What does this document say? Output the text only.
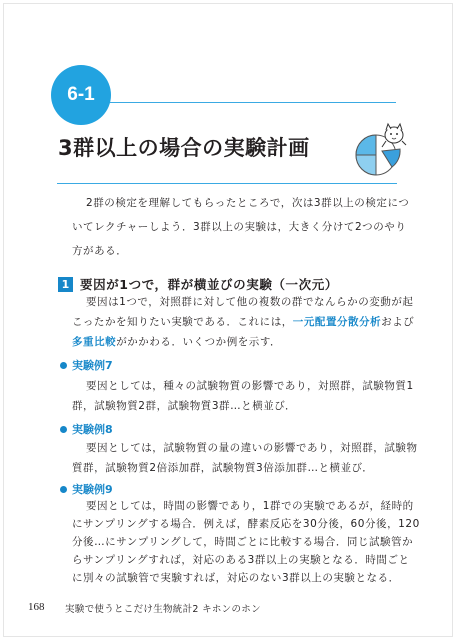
6-1
3群以上の場合の実験計画
2群の検定を理解してもらったところで，次は3群以上の検定につ
いてレクチャーしよう．3群以上の実験は，大きく分けて2つのやり
方がある．
1 要因が1つで，群が横並びの実験（一次元）
要因は1つで，対照群に対して他の複数の群でなんらかの変動が起
こったかを知りたい実験である．これには，一元配置分散分析および
多重比較がかかわる．いくつか例を示す．
実験例7
要因としては，種々の試験物質の影響であり，対照群，試験物質1
群，試験物質2群，試験物質3群…と横並び．
実験例8
要因としては，試験物質の量の違いの影響であり，対照群，試験物
質群，試験物質2倍添加群，試験物質3倍添加群…と横並び．
実験例9
要因としては，時間の影響であり，1群での実験であるが，経時的
にサンプリングする場合．例えば，酵素反応を30分後，60分後，120
分後…にサンプリングして，時間ごとに比較する場合．同じ試験管か
168 実験で使うとこだけ生物統計2 キホンのホン
らサンプリングすれば，対応のある3群以上の実験となる．時間ごと
に別々の試験管で実験すれば，対応のない3群以上の実験となる．
